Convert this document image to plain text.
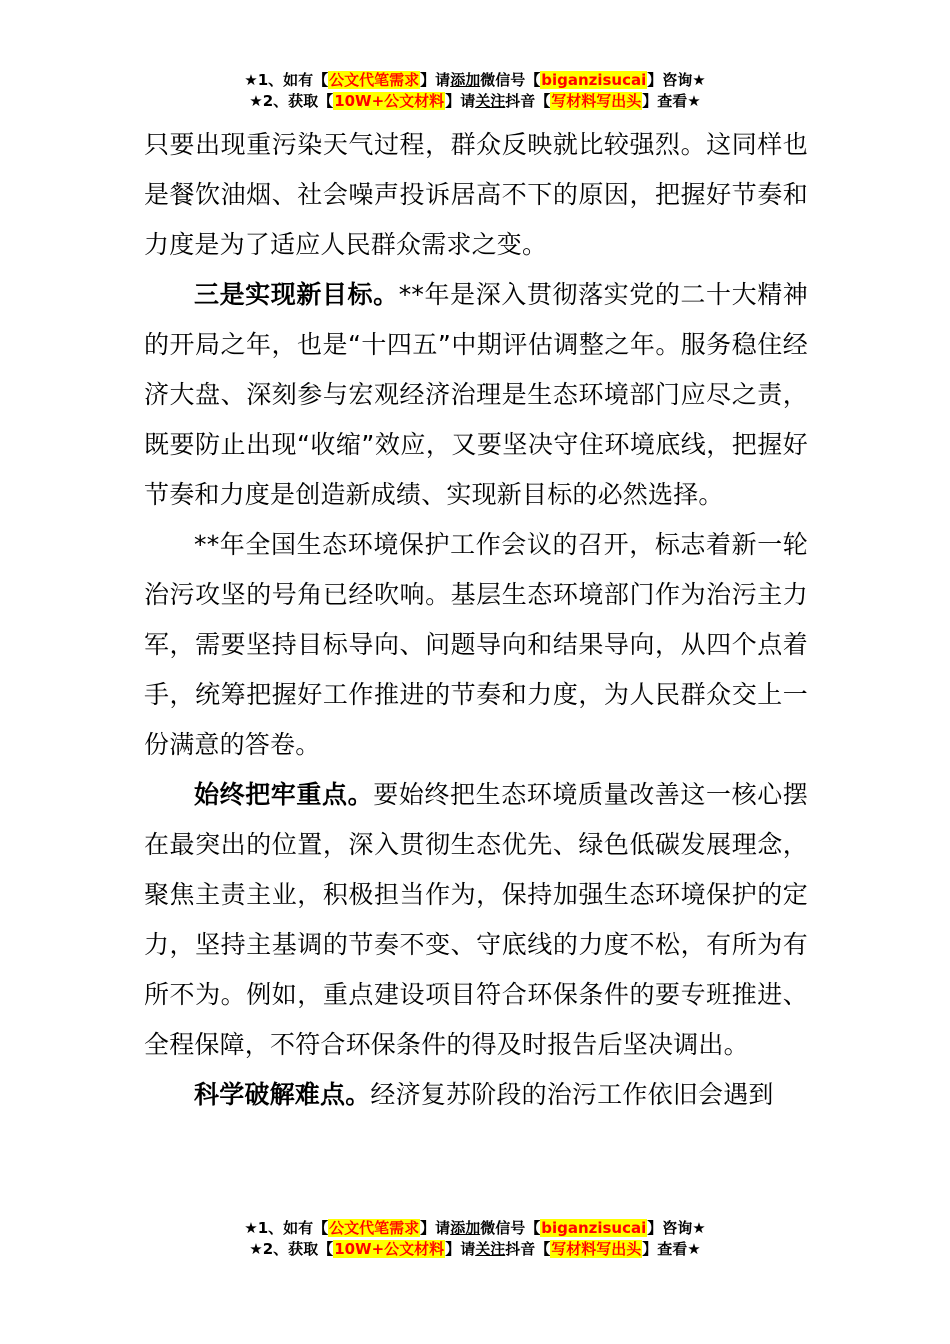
★1、如有【公文代笔需求】请添加微信号【biganzisucai】咨询★
★2、获取【10W+公文材料】请关注抖音【写材料写出头】查看★

只要出现重污染天气过程，群众反映就比较强烈。这同样也是餐饮油烟、社会噪声投诉居高不下的原因，把握好节奏和力度是为了适应人民群众需求之变。

三是实现新目标。**年是深入贯彻落实党的二十大精神的开局之年，也是“十四五”中期评估调整之年。服务稳住经济大盘、深刻参与宏观经济治理是生态环境部门应尽之责，既要防止出现“收缩”效应，又要坚决守住环境底线，把握好节奏和力度是创造新成绩、实现新目标的必然选择。

**年全国生态环境保护工作会议的召开，标志着新一轮治污攻坚的号角已经吹响。基层生态环境部门作为治污主力军，需要坚持目标导向、问题导向和结果导向，从四个点着手，统筹把握好工作推进的节奏和力度，为人民群众交上一份满意的答卷。

始终把牢重点。要始终把生态环境质量改善这一核心摆在最突出的位置，深入贯彻生态优先、绿色低碳发展理念，聚焦主责主业，积极担当作为，保持加强生态环境保护的定力，坚持主基调的节奏不变、守底线的力度不松，有所为有所不为。例如，重点建设项目符合环保条件的要专班推进、全程保障，不符合环保条件的得及时报告后坚决调出。

科学破解难点。经济复苏阶段的治污工作依旧会遇到

★1、如有【公文代笔需求】请添加微信号【biganzisucai】咨询★
★2、获取【10W+公文材料】请关注抖音【写材料写出头】查看★
